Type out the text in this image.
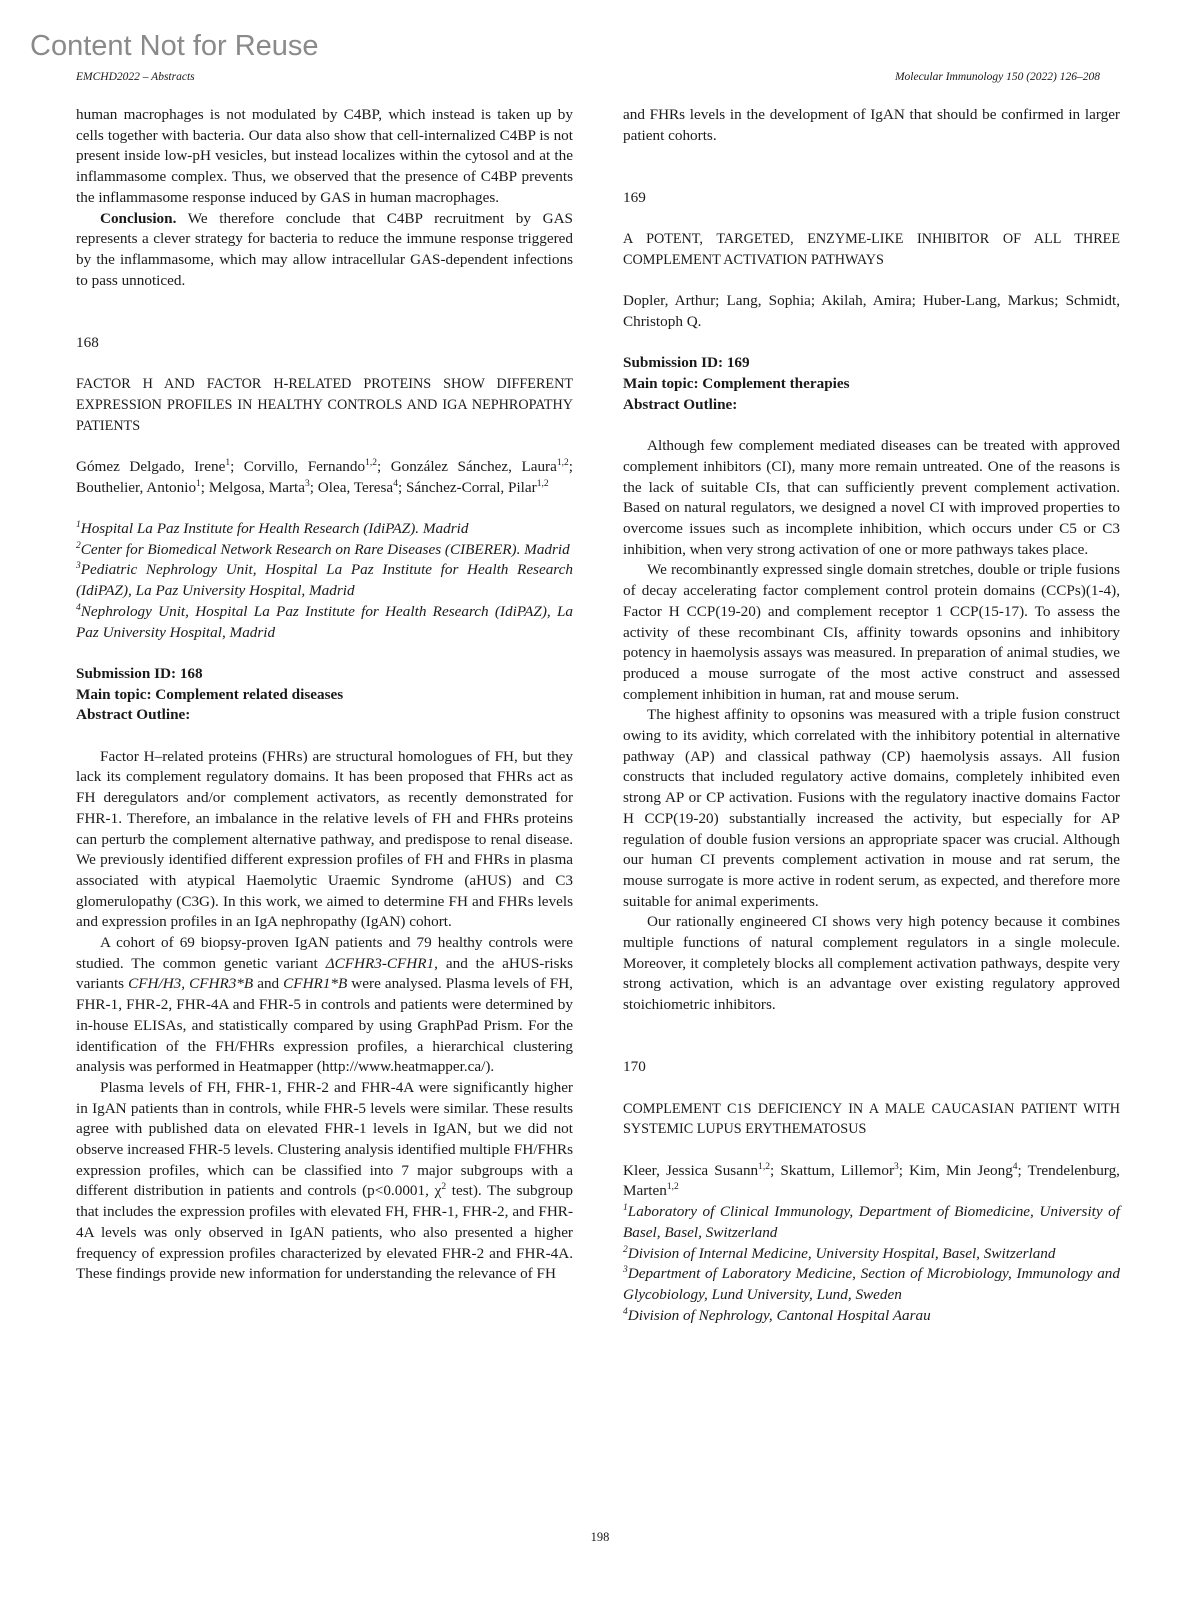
Content Not for Reuse
EMCHD2022 – Abstracts	Molecular Immunology 150 (2022) 126–208

human macrophages is not modulated by C4BP, which instead is taken up by cells together with bacteria. Our data also show that cell-internalized C4BP is not present inside low-pH vesicles, but instead localizes within the cytosol and at the inflammasome complex. Thus, we observed that the presence of C4BP prevents the inflammasome response induced by GAS in human macrophages.

Conclusion. We therefore conclude that C4BP recruitment by GAS represents a clever strategy for bacteria to reduce the immune response triggered by the inflammasome, which may allow intracellular GAS-dependent infections to pass unnoticed.

168

FACTOR H AND FACTOR H-RELATED PROTEINS SHOW DIFFERENT EXPRESSION PROFILES IN HEALTHY CONTROLS AND IGA NEPHROPATHY PATIENTS

Gómez Delgado, Irene$^1$; Corvillo, Fernando$^{1,2}$; González Sánchez, Laura$^{1,2}$; Bouthelier, Antonio$^1$; Melgosa, Marta$^3$; Olea, Teresa$^4$; Sánchez-Corral, Pilar$^{1,2}$

$^1$Hospital La Paz Institute for Health Research (IdiPAZ). Madrid

$^2$Center for Biomedical Network Research on Rare Diseases (CIBERER). Madrid

$^3$Pediatric Nephrology Unit, Hospital La Paz Institute for Health Research (IdiPAZ), La Paz University Hospital, Madrid

$^4$Nephrology Unit, Hospital La Paz Institute for Health Research (IdiPAZ), La Paz University Hospital, Madrid

Submission ID: 168

Main topic: Complement related diseases

Abstract Outline:

Factor H–related proteins (FHRs) are structural homologues of FH, but they lack its complement regulatory domains. It has been proposed that FHRs act as FH deregulators and/or complement activators, as recently demonstrated for FHR-1. Therefore, an imbalance in the relative levels of FH and FHRs proteins can perturb the complement alternative pathway, and predispose to renal disease. We previously identified different expression profiles of FH and FHRs in plasma associated with atypical Haemolytic Uraemic Syndrome (aHUS) and C3 glomerulopathy (C3G). In this work, we aimed to determine FH and FHRs levels and expression profiles in an IgA nephropathy (IgAN) cohort.

A cohort of 69 biopsy-proven IgAN patients and 79 healthy controls were studied. The common genetic variant ΔCFHR3-CFHR1, and the aHUS-risks variants CFH/H3, CFHR3*B and CFHR1*B were analysed. Plasma levels of FH, FHR-1, FHR-2, FHR-4A and FHR-5 in controls and patients were determined by in-house ELISAs, and statistically compared by using GraphPad Prism. For the identification of the FH/FHRs expression profiles, a hierarchical clustering analysis was performed in Heatmapper (http://www.heatmapper.ca/).

Plasma levels of FH, FHR-1, FHR-2 and FHR-4A were significantly higher in IgAN patients than in controls, while FHR-5 levels were similar. These results agree with published data on elevated FHR-1 levels in IgAN, but we did not observe increased FHR-5 levels. Clustering analysis identified multiple FH/FHRs expression profiles, which can be classified into 7 major subgroups with a different distribution in patients and controls (p<0.0001, $\chi^2$ test). The subgroup that includes the expression profiles with elevated FH, FHR-1, FHR-2, and FHR-4A levels was only observed in IgAN patients, who also presented a higher frequency of expression profiles characterized by elevated FHR-2 and FHR-4A. These findings provide new information for understanding the relevance of FH

and FHRs levels in the development of IgAN that should be confirmed in larger patient cohorts.

169

A POTENT, TARGETED, ENZYME-LIKE INHIBITOR OF ALL THREE COMPLEMENT ACTIVATION PATHWAYS

Dopler, Arthur; Lang, Sophia; Akilah, Amira; Huber-Lang, Markus; Schmidt, Christoph Q.

Submission ID: 169

Main topic: Complement therapies

Abstract Outline:

Although few complement mediated diseases can be treated with approved complement inhibitors (CI), many more remain untreated. One of the reasons is the lack of suitable CIs, that can sufficiently prevent complement activation. Based on natural regulators, we designed a novel CI with improved properties to overcome issues such as incomplete inhibition, which occurs under C5 or C3 inhibition, when very strong activation of one or more pathways takes place.

We recombinantly expressed single domain stretches, double or triple fusions of decay accelerating factor complement control protein domains (CCPs)(1-4), Factor H CCP(19-20) and complement receptor 1 CCP(15-17). To assess the activity of these recombinant CIs, affinity towards opsonins and inhibitory potency in haemolysis assays was measured. In preparation of animal studies, we produced a mouse surrogate of the most active construct and assessed complement inhibition in human, rat and mouse serum.

The highest affinity to opsonins was measured with a triple fusion construct owing to its avidity, which correlated with the inhibitory potential in alternative pathway (AP) and classical pathway (CP) haemolysis assays. All fusion constructs that included regulatory active domains, completely inhibited even strong AP or CP activation. Fusions with the regulatory inactive domains Factor H CCP(19-20) substantially increased the activity, but especially for AP regulation of double fusion versions an appropriate spacer was crucial. Although our human CI prevents complement activation in mouse and rat serum, the mouse surrogate is more active in rodent serum, as expected, and therefore more suitable for animal experiments.

Our rationally engineered CI shows very high potency because it combines multiple functions of natural complement regulators in a single molecule. Moreover, it completely blocks all complement activation pathways, despite very strong activation, which is an advantage over existing regulatory approved stoichiometric inhibitors.

170

COMPLEMENT C1S DEFICIENCY IN A MALE CAUCASIAN PATIENT WITH SYSTEMIC LUPUS ERYTHEMATOSUS

Kleer, Jessica Susann$^{1,2}$; Skattum, Lillemor$^3$; Kim, Min Jeong$^4$; Trendelenburg, Marten$^{1,2}$

$^1$Laboratory of Clinical Immunology, Department of Biomedicine, University of Basel, Basel, Switzerland

$^2$Division of Internal Medicine, University Hospital, Basel, Switzerland

$^3$Department of Laboratory Medicine, Section of Microbiology, Immunology and Glycobiology, Lund University, Lund, Sweden

$^4$Division of Nephrology, Cantonal Hospital Aarau

198
